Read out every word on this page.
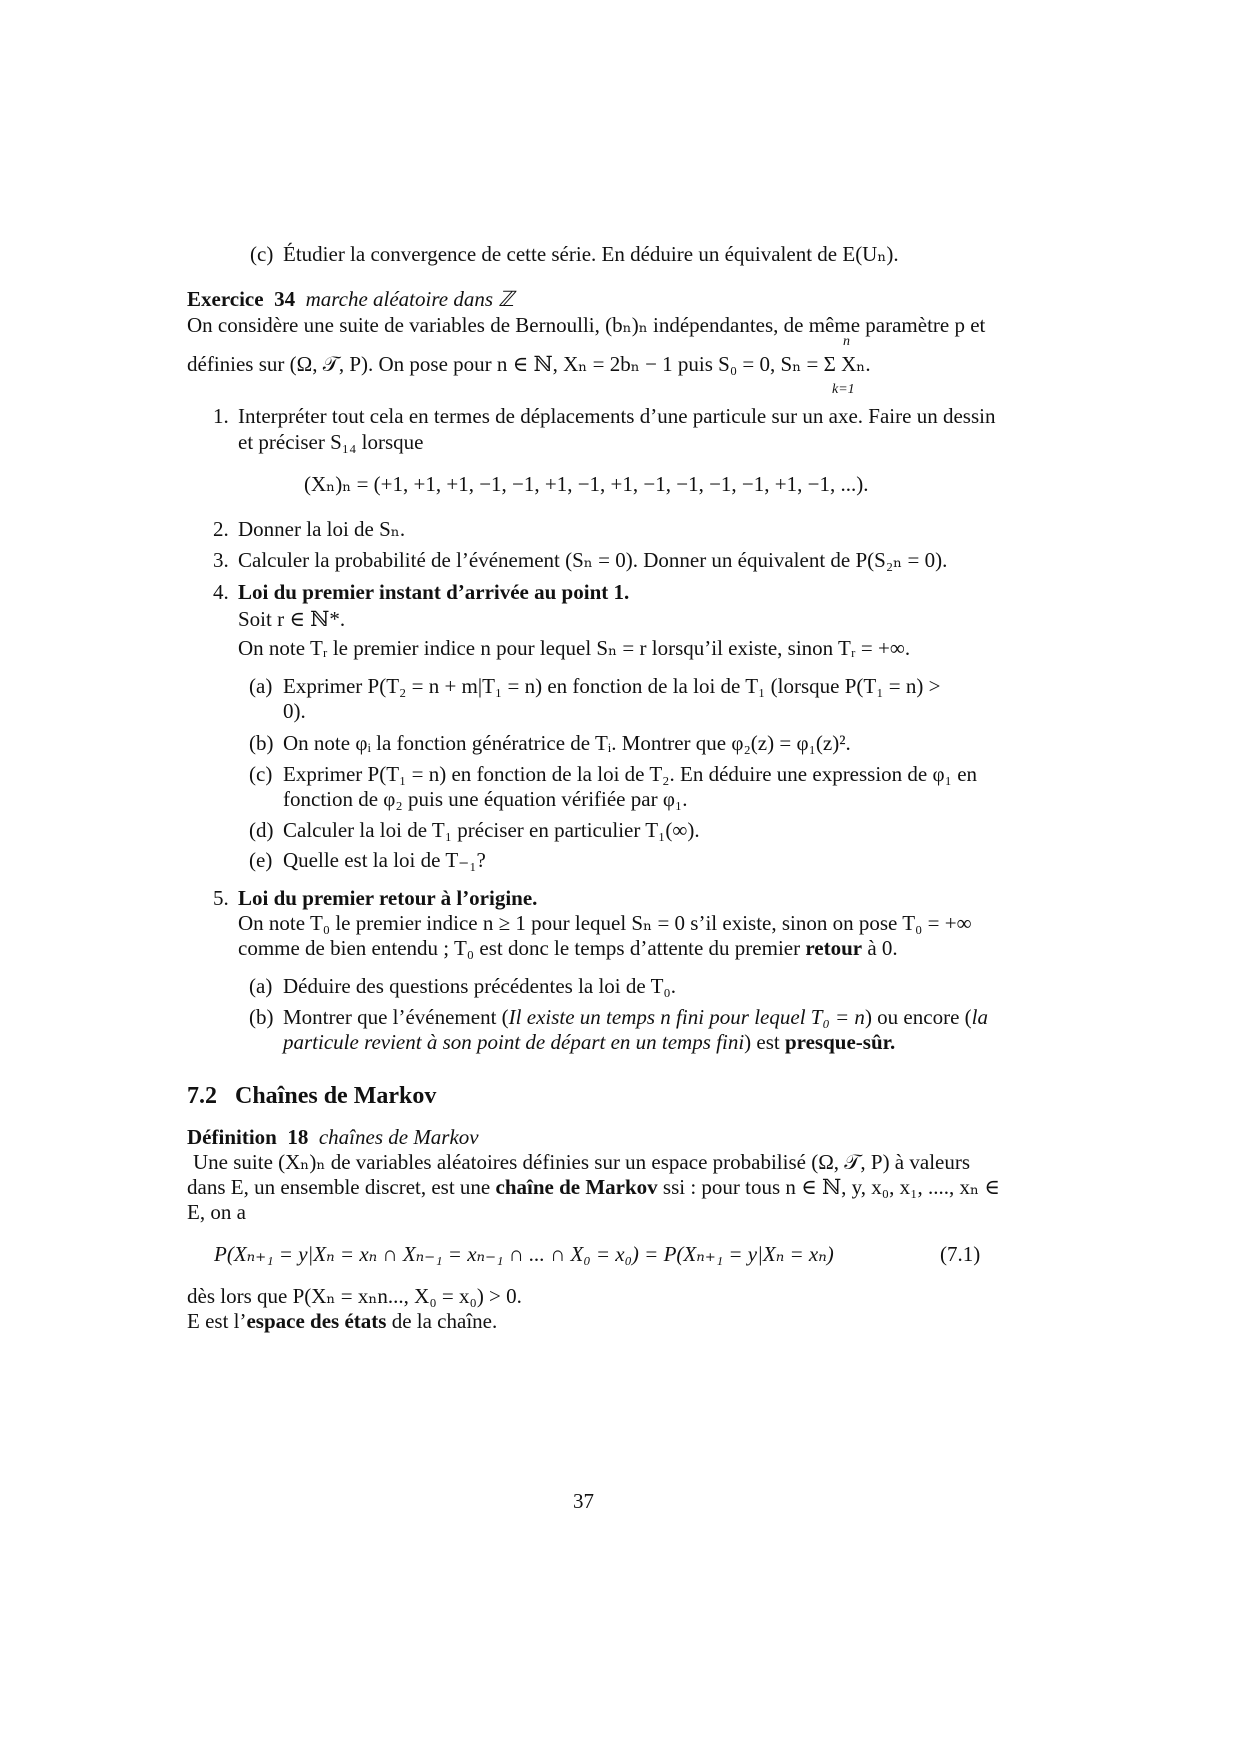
(c) Étudier la convergence de cette série. En déduire un équivalent de E(Uₙ).
Exercice 34 marche aléatoire dans ℤ
On considère une suite de variables de Bernoulli, (bₙ)ₙ indépendantes, de même paramètre p et
n
définies sur (Ω, 𝒯, P). On pose pour n ∈ ℕ, Xₙ = 2bₙ − 1 puis S₀ = 0, Sₙ = Σ Xₙ.
k=1
1. Interpréter tout cela en termes de déplacements d’une particule sur un axe. Faire un dessin
et préciser S₁₄ lorsque
(Xₙ)ₙ = (+1, +1, +1, −1, −1, +1, −1, +1, −1, −1, −1, −1, +1, −1, ...).
2. Donner la loi de Sₙ.
3. Calculer la probabilité de l’événement (Sₙ = 0). Donner un équivalent de P(S₂ₙ = 0).
4. Loi du premier instant d’arrivée au point 1.
Soit r ∈ ℕ*.
On note Tᵣ le premier indice n pour lequel Sₙ = r lorsqu’il existe, sinon Tᵣ = +∞.
(a) Exprimer P(T₂ = n + m|T₁ = n) en fonction de la loi de T₁ (lorsque P(T₁ = n) >
0).
(b) On note φᵢ la fonction génératrice de Tᵢ. Montrer que φ₂(z) = φ₁(z)².
(c) Exprimer P(T₁ = n) en fonction de la loi de T₂. En déduire une expression de φ₁ en
fonction de φ₂ puis une équation vérifiée par φ₁.
(d) Calculer la loi de T₁ préciser en particulier T₁(∞).
(e) Quelle est la loi de T₋₁?
5. Loi du premier retour à l’origine.
On note T₀ le premier indice n ≥ 1 pour lequel Sₙ = 0 s’il existe, sinon on pose T₀ = +∞
comme de bien entendu ; T₀ est donc le temps d’attente du premier retour à 0.
(a) Déduire des questions précédentes la loi de T₀.
(b) Montrer que l’événement (Il existe un temps n fini pour lequel T₀ = n) ou encore (la
particule revient à son point de départ en un temps fini) est presque-sûr.
7.2 Chaînes de Markov
Définition 18 chaînes de Markov
Une suite (Xₙ)ₙ de variables aléatoires définies sur un espace probabilisé (Ω, 𝒯, P) à valeurs
dans E, un ensemble discret, est une chaîne de Markov ssi : pour tous n ∈ ℕ, y, x₀, x₁, ...., xₙ ∈
E, on a
P(Xₙ₊₁ = y|Xₙ = xₙ ∩ Xₙ₋₁ = xₙ₋₁ ∩ ... ∩ X₀ = x₀) = P(Xₙ₊₁ = y|Xₙ = xₙ)	(7.1)
dès lors que P(Xₙ = xₙn..., X₀ = x₀) > 0.
E est l’espace des états de la chaîne.
37
